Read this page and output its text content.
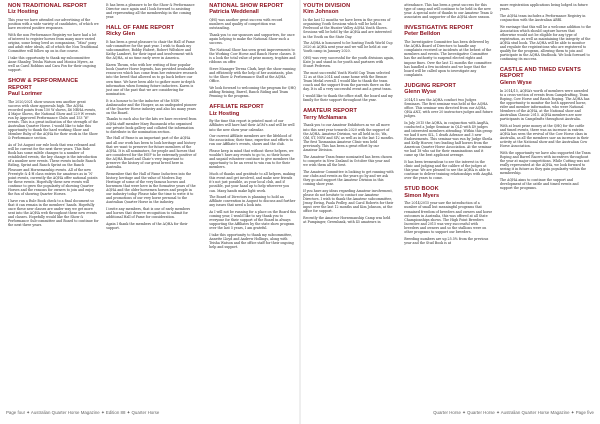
NON TRADITIONAL REPORT
Liz Hosting

This year we have attended our advertising of the position with a wide variety of candidates, of which we have received positive responses.

With the non Performance Registry we have had a lot of interest to register horses from many more varied origins, some being bred as companions, “Mini” pony and adult rider ideals, all of which the Non Traditional Committee will follow up on in due course.

I take this opportunity to thank my subcommittee Anne Shanley, Teisha Watson and Monica Myers, as well as Carol Robbins and Cara Fox for their ongoing support.

SHOW & PERFORMANCE REPORT
Paul Lorimer

The 2020/2021 show season was another great success with show approvals high. The AQHA recorded points from 150 W shows, 46 NRHA events, 4 Major Shows, the National Show and 229 W events run by Approved Performance Clubs and 153 ‘W’ events. This is a great indication of the strength of the Australian Quarter Horse. I would like to take this opportunity to thank the hard working Show and Member Ruby of the AQHA for their work in the Show & Performance section.

As of 1st August our rule book that was released and will be current for the next three years. This Rule Book has some subtle changes to a number of established events, the key change is the introduction of a number new events. These events include Ranch Riding, Sprint and Ranch Sprint on the Ranch Pleasure and Horsemanship events. All of the new Freestyle & 4-H class entries for amateurs as in ‘N’ point events, currently the AQHA offer national points for these events. Hopefully these new events will continue to grow the popularity of showing Quarter Horses and the reasons for owners to join and enjoy the fun of showing Quarter Horses.

I have run a Rule Book check to a final document so that it can remain in the members’ hands. Hopefully once these new classes are under way we get more sent into the AQHA web throughout these new events and classes. Hopefully would like the Show & Performance Sub-committee and Board to continue for the next three years.

It has been a pleasure to be the Show & Performance Director once again and I look forward to assisting and representing all the membership in the coming year.

HALL OF FAME REPORT
Ricky Glen

It has been a great pleasure to chair the Hall of Fame sub-committee for the past year. I wish to thank my subcommittee, Bobby Hubert, Robert Wiltshire and Kathy Lambert, for their input and involvement with the AQHA, at no time early were in America.

Karen Thrum, who with her writing of four popular book Quarter Horse legends, has provided invaluable resources which has come from her extensive research into the breed that allowed us to go back before our own time. We have been able to gather more in-depth information when forming future inductees. Karen is just one of the past that we are considering for nomination.

It is a honour to be the inductee of the NSW Ambassador and the Hooper, as an undisputed pioneer of the Quarter Horse industry and also his many years on the Board.

Thanks to each also for the kits we have received from AQHA staff member Mary Ruozanski who organised our private book gallery and collated the information to distribute in the nomination section.

The Hall of Fame is an important part of the AQHA and all our work has been to look heritage and history that we want to preserve for future members of the AQHA. It is all nominators, for people and horses that are considered for the HOF to be extremely positive of the AQHA Board and Chair’s very important to preserve the history of our great breed here in Australia.

Remember that the Hall of Fame Inductees into the history, heritage and the value of Modern Day Heritage of some of the very famous horses and horsemen that were here in the formative years of the AQHA and the older horsemen horses and people in our industry today. Please take the time to write it to and promotions of our very horse personal to the Australian Quarter Horse in the industry.

I invite any members, that is one of early members and horses that deserve recognition to submit for additional Hall of Fame for consideration.

Again I thank the members of the AQHA for their support.

NATIONAL SHOW REPORT
Patricia Weddenall

QHQ was another great success with record numbers and quality of competition was outstanding.

Thank you to our sponsors and supporters, for once again helping to make the National Show such a success.

The National Show has seen great improvements to the Working Cow Horse and Ranch Horse classes. It is a look the total value of prize money, trophies and ribbons on offer.

Steve Manager Teresa Clark, kept the show running and efficiently with the help of her assistants, plus to the Show & Performance Staff at the AQHA Office.

We look forward to welcoming the program for QHQ adding Reining, Barrel, Ranch Riding and Team Penning to the program.

AFFILIATE REPORT
Liz Hosting

By the time this report is printed most of our Affiliates will have had their AGM’s and will be well into the new show year calendar.

Our current Affiliate members are the lifeblood of the association; their time, expertise and efforts to run our Affiliate’s events, shows and the club.

Please keep in mind that without these helpers, we wouldn’t have any events to go to, so their hours and unpaid volunteer continue to give members the opportunity to be an event to win run to for their members.

Much of thanks and gratitude to all helpers, making this event and get involved, and make new friends it’s not just possible, as your local club, and if possible, put your hand up to help wherever you can. Many hands make light work.

The Board of Directors is planning to hold an Affiliate convention in August to discuss and further any issues that need a look into.

As I will not be running for a place on the Board this coming year, I would like to say thank you to everyone for their support of the Board in always supporting the Affiliates by the state show program over the last 5 years, I am grateful.

I take this opportunity to thank my subcommittee, Annette Lloyd and Andrew Hollings, along with Teisha Watson and the office staff for their ongoing help and support.

YOUTH DIVISION
Kim Johnson

In the last 12 months we have been in the process of organising Youth Sessions which will be held in Peelwood at the Hunter Valley AQHA Youth Shows. Sessions will be held by the AQHA and are interested in the Youth on the State Day.

The AQHA is honoured to be hosting Youth World Cup 2020 at AQHA next year and we will be held at our Youth camp in January 2020.

QHQ was very successful for the youth divisions again, Kate Jo and stand in for youth and partners with Stuart Pedersen.

The most successful Youth World Cup Team selected 12 as at this 2014 and came home with the Bronze Team Medal overall. I would like to thank the team coach and the support from the parents there on the day. It is all a very successful event and a great team.

I would like to thank the office staff, the board and my family for their support throughout the year.

AMATEUR REPORT
Terry McNamara

Thank you to our Amateur Exhibitors as we all move into this next year towards 2020 with the support of the AQHA. Amateur Division, we all held in 6c, Wa, Qld, ST, NSW and SIV, as well as in the last 12 months. The first Tasmanian Amateur Clinic was held previously. This has been a great effort by our Amateur Division.

The Amateur Team frame nominated has been chosen to compete in New Zealand in October this year and we wish them all the best.

The Amateur Committee is looking to get running with our clubs and events as the years go by and we ask they go and support the Amateur Division in this coming show year.

If you have any ideas regarding Amateur involvement, please do not hesitate to contact our Amateur Directors. I wish to thank the Amateur subcommittee, Jenny Ewing, Paula Pedley, and Carol Roberts for their input over the last 12 months and Kim Johnson, at the office for support.

Recently the Amateur Horsemanship Camp was held at Pumpinger, Greenbank, with 45 amateurs in

attendance. This has been a great success for this type of camp and will continue to be held in the new year. A special note of thanks to our Amateur Team & associates and supporter of the AQHA show season.

INVESTIGATIVE REPORT
Peter Belldon

The Investigative Committee has been delivered by the AQHA Board of Directors to handle any complaints received or incidents at the behest of the members and events. The Investigative Committee has the authority to suspend elected rights and impose fines. Over the last 12 months the committee has handled a few incidents and we hope that the board will be called upon to investigate any complaints.

JUDGING REPORT
Glenn Wyse

2014/15 saw the AQHA conduct two Judges Seminars. The first seminar was held at the AQHA office. This seminar was directed from our AQHA, QHA ANZ, with over 20 instructors judges and future judges.

In July 2015 the AQHA, in conjunction with AngRA, conducted a Judge Seminar in QLD with 49 judges and interested members attending. Within this group we had 8 new SIL, 1 death Advance and 3 new Endorsements. This seminar was run by Judge Sheila and Kelly Hoover, two leading half horses from the American Quarter Horse Association. At the seminar we had 18 who sat for their examinations and it came up the best applicant average.

It has been tremendous to see the interest in the clinic and judging and the calibre of the judges at this year. We are pleased to see the AQHA is able to continue to deliver training relationships with AngRA over the years to come.

STUD BOOK
Simon Myers

The 2014/2015 year saw the introduction of a number of small but meaningful programs that remained freedom of breeders and owners and horse outcomes in Australia, this was offered at all State Championships shows. The High Point Breeders Incentive and 2015 was very successful with breeders and owners and so the stallions were on other programs to support our breeders.

Breeding numbers are up 25.5% from the previous year and the Stud Book is at

more registration applications being lodged in future years.

The AQHA team includes a Performance Registry in conjunction with the Australian ABRI.

We envisage that this will be a welcome addition to the Association which should capture horses that otherwise would not be eligible for any type of registration, as well as maintaining the integrity of the AQHA stud book. The AQHA will be able to monitor and regulate the registrations who are registered to qualify for the program, allowing them to join and participate in the AQHA Studbook. We look forward to continuing its success.

CASTLE AND TIMED EVENTS REPORT
Glenn Wyse

In 2014/15, AQHA’s worth of members were awarded to a cross-section of events from Campdrafting, Team Roping, Cow Horse and Ranch Roping. The AQHA has the opportunity to monitor the both approved horse, rider and member information, who were National Members of the AQHA, at the National show and Australian Classic 2015. AQHA members are now participants in Campdrafts throughout Australia.

With at least prize money at the QHQ for the cattle and timed events, there was an increase in entries. AQHA has seen the revival of the Cow Horse class in Australia, as all the members saw an increase in their activity at the National show and the Australian Cow Horse Association.

With the opportunity we have also supported the Team Roping and Barrel Racers with incentives throughout the year at major competitions. While Cutting was not really represented at the AQHA, we look forward to seeing it in future as they gain popularity within the membership.

The AQHA aims to continue the support and development of the cattle and timed events and support the programs.

Page four ✦ Australian Quarter Horse Magazine ✦ Edition 88 ✦ Quarter Horse	Quarter Horse ✦ Quarter Horse ✦ Australian Quarter Horse Magazine ✦ Page five
